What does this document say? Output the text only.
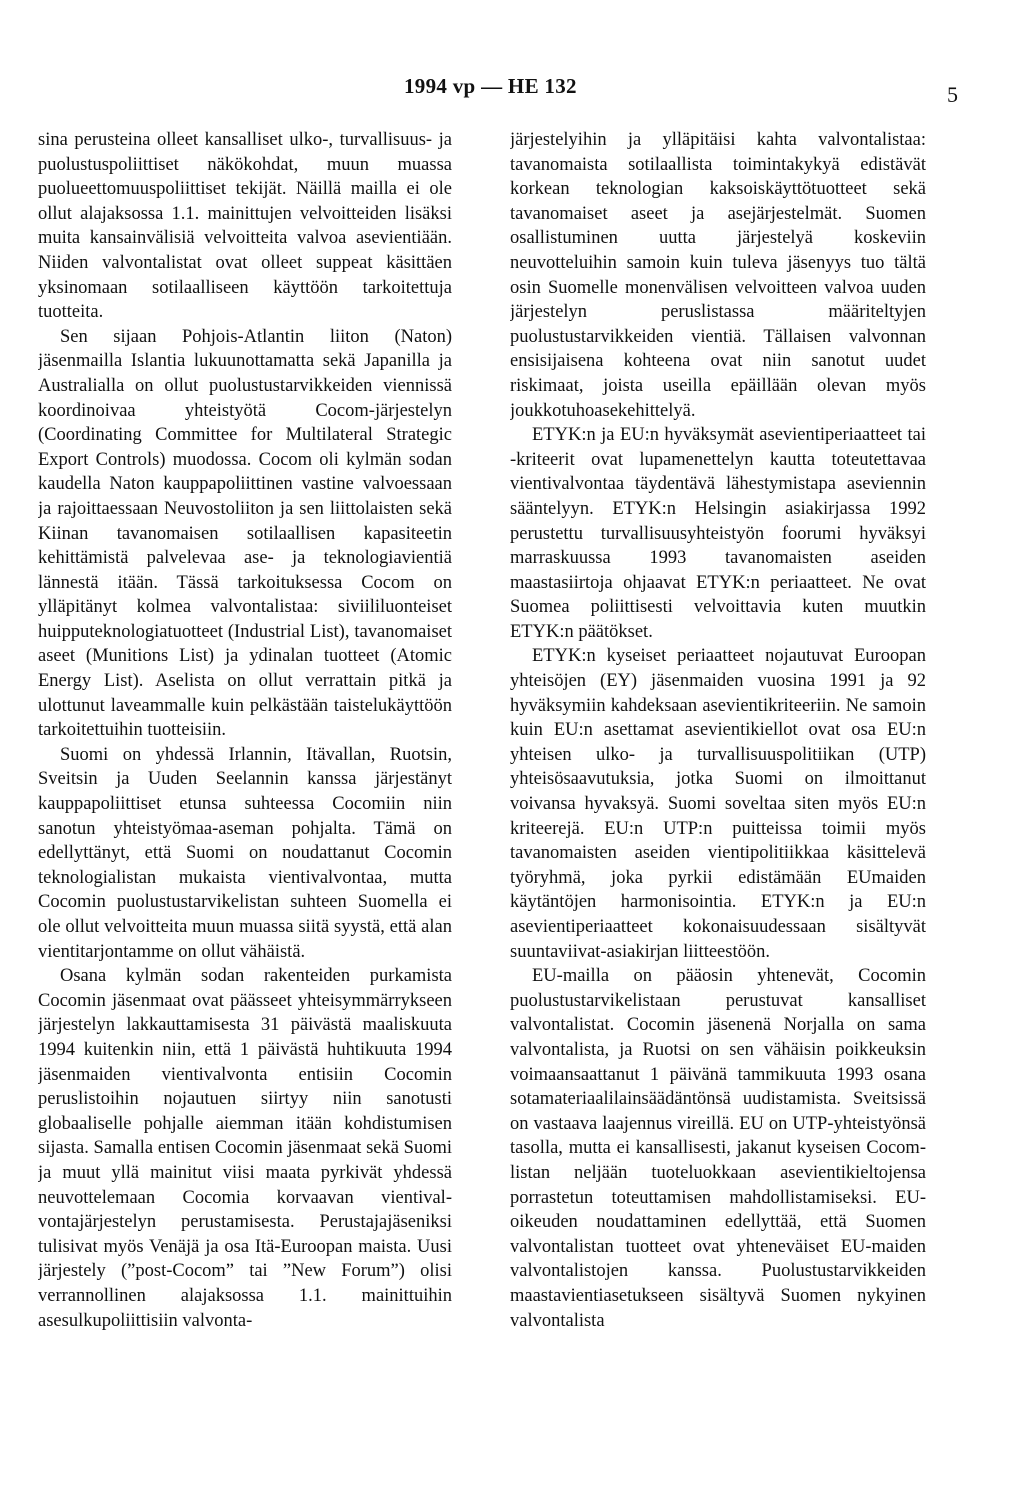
1994 vp — HE 132	5

sina perusteina olleet kansalliset ulko-, turvallisuus- ja puolustuspoliittiset näkökohdat, muun muassa puolueettomuuspoliittiset tekijät. Näillä mailla ei ole ollut alajaksossa 1.1. mainittujen velvoitteiden lisäksi muita kansainvälisiä velvoitteita valvoa asevientiään. Niiden valvontalistat ovat olleet suppeat käsittäen yksinomaan sotilaalliseen käyttöön tarkoitettuja tuotteita.

Sen sijaan Pohjois-Atlantin liiton (Naton) jäsenmailla Islantia lukuunottamatta sekä Japanilla ja Australialla on ollut puolustustarvikkeiden viennissä koordinoivaa yhteistyötä Cocom-järjestelyn (Coordinating Committee for Multilateral Strategic Export Controls) muodossa. Cocom oli kylmän sodan kaudella Naton kauppapoliittinen vastine valvoessaan ja rajoittaessaan Neuvostoliiton ja sen liittolaisten sekä Kiinan tavanomaisen sotilaallisen kapasiteetin kehittämistä palvelevaa ase- ja teknologiavientiä lännestä itään. Tässä tarkoituksessa Cocom on ylläpitänyt kolmea valvontalistaa: siviililuonteiset huipputeknologiatuotteet (Industrial List), tavanomaiset aseet (Munitions List) ja ydinalan tuotteet (Atomic Energy List). Aselista on ollut verrattain pitkä ja ulottunut laveammalle kuin pelkästään taistelukäyttöön tarkoitettuihin tuotteisiin.

Suomi on yhdessä Irlannin, Itävallan, Ruotsin, Sveitsin ja Uuden Seelannin kanssa järjestänyt kauppapoliittiset etunsa suhteessa Cocomiin niin sanotun yhteistyömaa-aseman pohjalta. Tämä on edellyttänyt, että Suomi on noudattanut Cocomin teknologialistan mukaista vientivalvontaa, mutta Cocomin puolustustarvikelistan suhteen Suomella ei ole ollut velvoitteita muun muassa siitä syystä, että alan vientitarjontamme on ollut vähäistä.

Osana kylmän sodan rakenteiden purkamista Cocomin jäsenmaat ovat päässeet yhteisymmärrykseen järjestelyn lakkauttamisesta 31 päivästä maaliskuuta 1994 kuitenkin niin, että 1 päivästä huhtikuuta 1994 jäsenmaiden vientivalvonta entisiin Cocomin peruslistoihin nojautuen siirtyy niin sanotusti globaaliselle pohjalle aiemman itään kohdistumisen sijasta. Samalla entisen Cocomin jäsenmaat sekä Suomi ja muut yllä mainitut viisi maata pyrkivät yhdessä neuvottelemaan Cocomia korvaavan vientivalvontajärjestelyn perustamisesta. Perustajajäseniksi tulisivat myös Venäjä ja osa Itä-Euroopan maista. Uusi järjestely (”post-Cocom” tai ”New Forum”) olisi verrannollinen alajaksossa 1.1. mainittuihin asesulkupoliittisiin valvonta-

järjestelyihin ja ylläpitäisi kahta valvontalistaa: tavanomaista sotilaallista toimintakykyä edistävät korkean teknologian kaksoiskäyttötuotteet sekä tavanomaiset aseet ja asejärjestelmät. Suomen osallistuminen uutta järjestelyä koskeviin neuvotteluihin samoin kuin tuleva jäsenyys tuo tältä osin Suomelle monenvälisen velvoitteen valvoa uuden järjestelyn peruslistassa määriteltyjen puolustustarvikkeiden vientiä. Tällaisen valvonnan ensisijaisena kohteena ovat niin sanotut uudet riskimaat, joista useilla epäillään olevan myös joukkotuhoasekehittelyä.

ETYK:n ja EU:n hyväksymät asevientiperiaatteet tai -kriteerit ovat lupamenettelyn kautta toteutettavaa vientivalvontaa täydentävä lähestymistapa aseviennin sääntelyyn. ETYK:n Helsingin asiakirjassa 1992 perustettu turvallisuusyhteistyön foorumi hyväksyi marraskuussa 1993 tavanomaisten aseiden maastasiirtoja ohjaavat ETYK:n periaatteet. Ne ovat Suomea poliittisesti velvoittavia kuten muutkin ETYK:n päätökset.

ETYK:n kyseiset periaatteet nojautuvat Euroopan yhteisöjen (EY) jäsenmaiden vuosina 1991 ja 92 hyväksymiin kahdeksaan asevientikriteeriin. Ne samoin kuin EU:n asettamat asevientikiellot ovat osa EU:n yhteisen ulko- ja turvallisuuspolitiikan (UTP) yhteisösaavutuksia, jotka Suomi on ilmoittanut voivansa hyvaksyä. Suomi soveltaa siten myös EU:n kriteerejä. EU:n UTP:n puitteissa toimii myös tavanomaisten aseiden vientipolitiikkaa käsittelevä työryhmä, joka pyrkii edistämään EUmaiden käytäntöjen harmonisointia. ETYK:n ja EU:n asevientiperiaatteet kokonaisuudessaan sisältyvät suuntaviivat-asiakirjan liitteestöön.

EU-mailla on pääosin yhtenevät, Cocomin puolustustarvikelistaan perustuvat kansalliset valvontalistat. Cocomin jäsenenä Norjalla on sama valvontalista, ja Ruotsi on sen vähäisin poikkeuksin voimaansaattanut 1 päivänä tammikuuta 1993 osana sotamateriaalilainsäädäntönsä uudistamista. Sveitsissä on vastaava laajennus vireillä. EU on UTP-yhteistyönsä tasolla, mutta ei kansallisesti, jakanut kyseisen Cocom-listan neljään tuoteluokkaan asevientikieltojensa porrastetun toteuttamisen mahdollistamiseksi. EU-oikeuden noudattaminen edellyttää, että Suomen valvontalistan tuotteet ovat yhteneväiset EU-maiden valvontalistojen kanssa. Puolustustarvikkeiden maastavientiasetukseen sisältyvä Suomen nykyinen valvontalista
